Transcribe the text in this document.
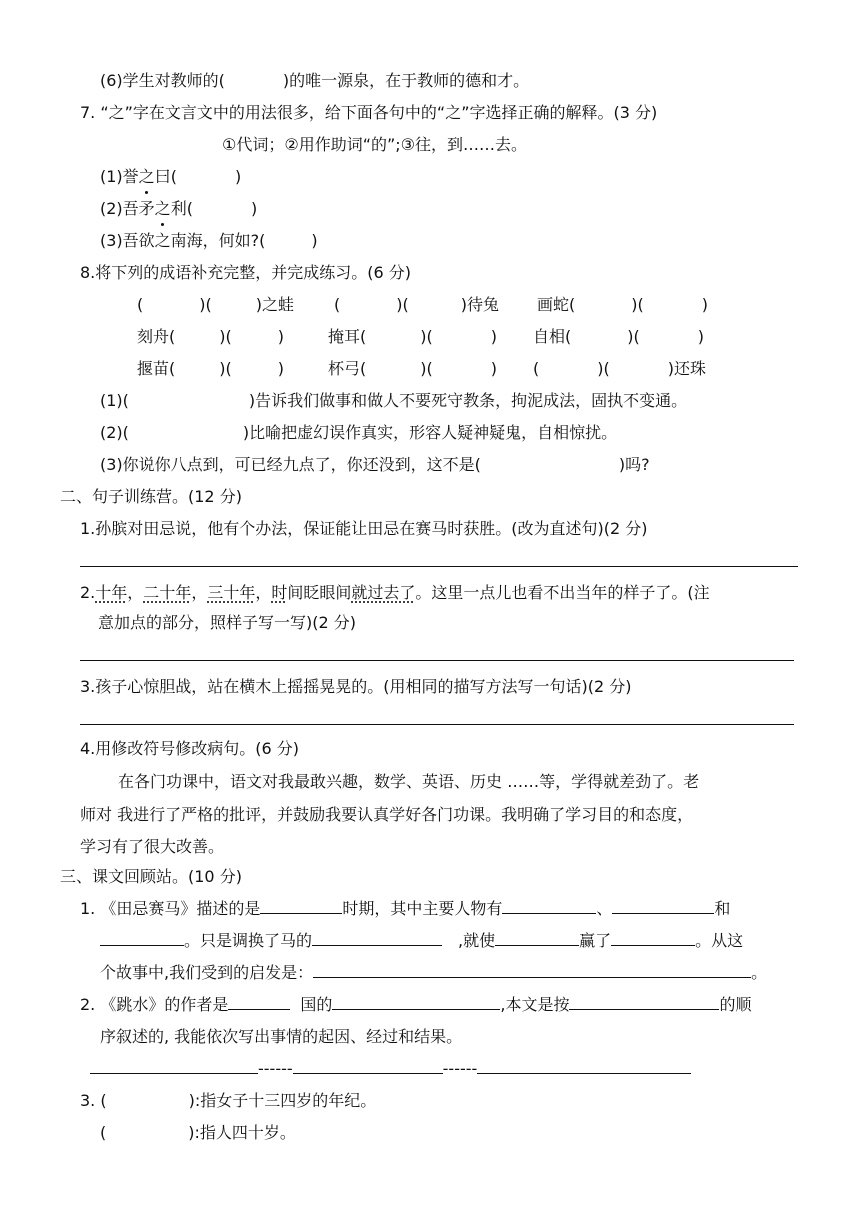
(6)学生对教师的(	)的唯一源泉，在于教师的德和才。
7. “之”字在文言文中的用法很多，给下面各句中的“之”字选择正确的解释。(3 分)
①代词；②用作助词“的”;③往，到……去。
(1)誉之曰(	)
(2)吾矛之利(	)
(3)吾欲之南海，何如?(	)
8.将下列的成语补充完整，并完成练习。(6 分)
(	)(	)之蛙	(	)(	)待兔 画蛇(	)(	)
刻舟(	)(	)	掩耳(	)(	) 自相(	)(	)
揠苗(	)(	)	杯弓(	)(	) (	)(	)还珠
(1)(	)告诉我们做事和做人不要死守教条，拘泥成法，固执不变通。
(2)(	)比喻把虚幻误作真实，形容人疑神疑鬼，自相惊扰。
(3)你说你八点到，可已经九点了，你还没到，这不是(	)吗?
二、句子训练营。(12 分)
1.孙膑对田忌说，他有个办法，保证能让田忌在赛马时获胜。(改为直述句)(2 分)
2.十年，二十年，三十年，时间眨眼间就过去了。这里一点儿也看不出当年的样子了。(注
意加点的部分，照样子写一写)(2 分)
3.孩子心惊胆战，站在横木上摇摇晃晃的。(用相同的描写方法写一句话)(2 分)
4.用修改符号修改病句。(6 分)
在各门功课中，语文对我最敢兴趣，数学、英语、历史 ……等，学得就差劲了。老
师对 我进行了严格的批评，并鼓励我要认真学好各门功课。我明确了学习目的和态度，
学习有了很大改善。
三、课文回顾站。(10 分)
1. 《田忌赛马》描述的是	时期，其中主要人物有	、	和
。只是调换了马的	,就使	赢了	。从这
个故事中,我们受到的启发是：	。
2. 《跳水》的作者是	国的	,本文是按	的顺
序叙述的, 我能依次写出事情的起因、经过和结果。
------	------
3. (	):指女子十三四岁的年纪。
(	):指人四十岁。
